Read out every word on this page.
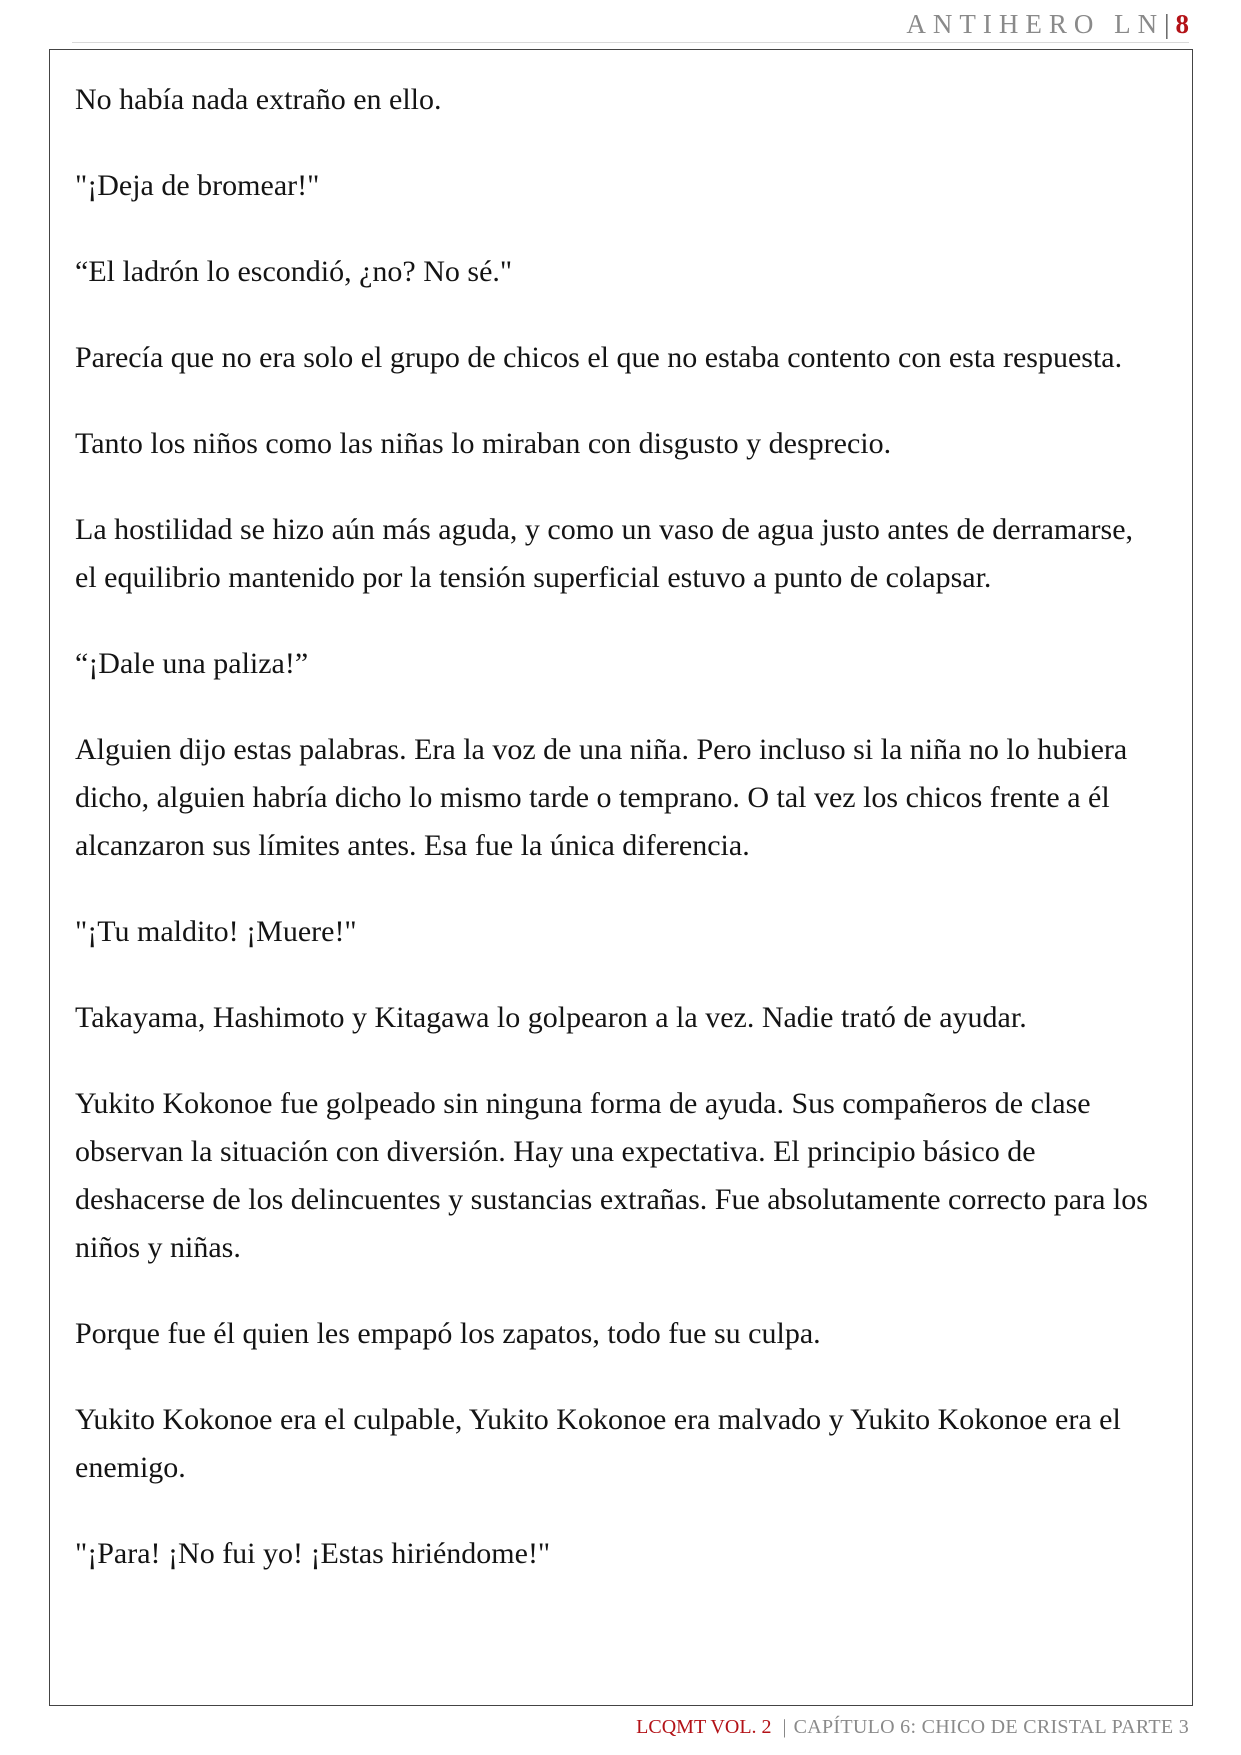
ANTIHERO LN | 8

No había nada extraño en ello.

"¡Deja de bromear!"

“El ladrón lo escondió, ¿no? No sé."

Parecía que no era solo el grupo de chicos el que no estaba contento con esta respuesta.

Tanto los niños como las niñas lo miraban con disgusto y desprecio.

La hostilidad se hizo aún más aguda, y como un vaso de agua justo antes de derramarse, el equilibrio mantenido por la tensión superficial estuvo a punto de colapsar.

“¡Dale una paliza!”

Alguien dijo estas palabras. Era la voz de una niña. Pero incluso si la niña no lo hubiera dicho, alguien habría dicho lo mismo tarde o temprano. O tal vez los chicos frente a él alcanzaron sus límites antes. Esa fue la única diferencia.

"¡Tu maldito! ¡Muere!"

Takayama, Hashimoto y Kitagawa lo golpearon a la vez. Nadie trató de ayudar.

Yukito Kokonoe fue golpeado sin ninguna forma de ayuda. Sus compañeros de clase observan la situación con diversión. Hay una expectativa. El principio básico de deshacerse de los delincuentes y sustancias extrañas. Fue absolutamente correcto para los niños y niñas.

Porque fue él quien les empapó los zapatos, todo fue su culpa.

Yukito Kokonoe era el culpable, Yukito Kokonoe era malvado y Yukito Kokonoe era el enemigo.

"¡Para! ¡No fui yo! ¡Estas hiriéndome!"

LCQMT VOL. 2 | CAPÍTULO 6: CHICO DE CRISTAL PARTE 3
